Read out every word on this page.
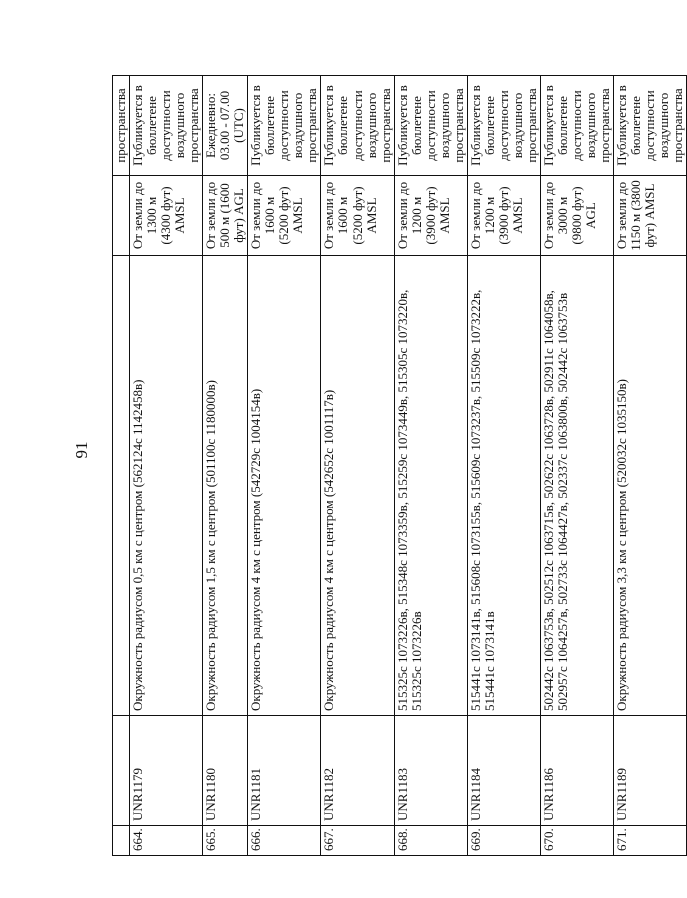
91
				пространства
664.	UNR1179	Окружность радиусом 0,5 км с центром (562124с 1142458в)	От земли до 1300 м (4300 фут) AMSL	Публикуется в бюллетене доступности воздушного пространства
665.	UNR1180	Окружность радиусом 1,5 км с центром (501100с 1180000в)	От земли до 500 м (1600 фут) AGL	Ежедневно: 03.00 - 07.00 (UTC)
666.	UNR1181	Окружность радиусом 4 км с центром (542729с 1004154в)	От земли до 1600 м (5200 фут) AMSL	Публикуется в бюллетене доступности воздушного пространства
667.	UNR1182	Окружность радиусом 4 км с центром (542652с 1001117в)	От земли до 1600 м (5200 фут) AMSL	Публикуется в бюллетене доступности воздушного пространства
668.	UNR1183	515325с 1073226в, 515348с 1073359в, 515259с 1073449в, 515305с 1073220в, 515325с 1073226в	От земли до 1200 м (3900 фут) AMSL	Публикуется в бюллетене доступности воздушного пространства
669.	UNR1184	515441с 1073141в, 515608с 1073155в, 515609с 1073237в, 515509с 1073222в, 515441с 1073141в	От земли до 1200 м (3900 фут) AMSL	Публикуется в бюллетене доступности воздушного пространства
670.	UNR1186	502442с 1063753в, 502512с 1063715в, 502622с 1063728в, 502911с 1064058в, 502957с 1064257в, 502733с 1064427в, 502337с 1063800в, 502442с 1063753в	От земли до 3000 м (9800 фут) AGL	Публикуется в бюллетене доступности воздушного пространства
671.	UNR1189	Окружность радиусом 3,3 км с центром (520032с 1035150в)	От земли до 1150 м (3800 фут) AMSL	Публикуется в бюллетене доступности воздушного пространства
